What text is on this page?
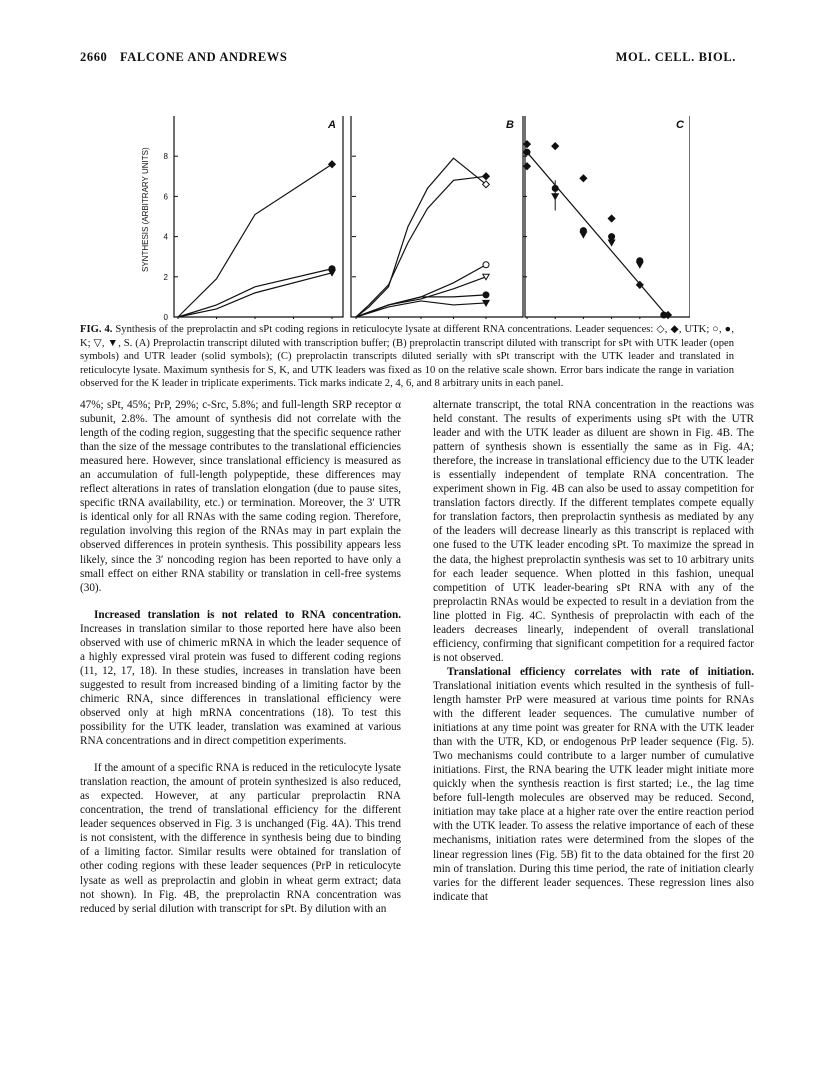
2660 FALCONE AND ANDREWS	MOL. CELL. BIOL.
SYNTHESIS (ARBITRARY UNITS)
A	B	C
0
2
4
6
8
FIG. 4. Synthesis of the preprolactin and sPt coding regions in reticulocyte lysate at different RNA concentrations. Leader sequences: ◇, ◆, UTK; ○, ●, K; ▽, ▼, S. (A) Preprolactin transcript diluted with transcription buffer; (B) preprolactin transcript diluted with transcript for sPt with UTK leader (open symbols) and UTR leader (solid symbols); (C) preprolactin transcripts diluted serially with sPt transcript with the UTK leader and translated in reticulocyte lysate. Maximum synthesis for S, K, and UTK leaders was fixed as 10 on the relative scale shown. Error bars indicate the range in variation observed for the K leader in triplicate experiments. Tick marks indicate 2, 4, 6, and 8 arbitrary units in each panel.

47%; sPt, 45%; PrP, 29%; c-Src, 5.8%; and full-length SRP receptor α subunit, 2.8%. The amount of synthesis did not correlate with the length of the coding region, suggesting that the specific sequence rather than the size of the message contributes to the translational efficiencies measured here. However, since translational efficiency is measured as an accumulation of full-length polypeptide, these differences may reflect alterations in rates of translation elongation (due to pause sites, specific tRNA availability, etc.) or termination. Moreover, the 3′ UTR is identical only for all RNAs with the same coding region. Therefore, regulation involving this region of the RNAs may in part explain the observed differences in protein synthesis. This possibility appears less likely, since the 3′ noncoding region has been reported to have only a small effect on either RNA stability or translation in cell-free systems (30).

Increased translation is not related to RNA concentration. Increases in translation similar to those reported here have also been observed with use of chimeric mRNA in which the leader sequence of a highly expressed viral protein was fused to different coding regions (11, 12, 17, 18). In these studies, increases in translation have been suggested to result from increased binding of a limiting factor by the chimeric RNA, since differences in translational efficiency were observed only at high mRNA concentrations (18). To test this possibility for the UTK leader, translation was examined at various RNA concentrations and in direct competition experiments.

If the amount of a specific RNA is reduced in the reticulocyte lysate translation reaction, the amount of protein synthesized is also reduced, as expected. However, at any particular preprolactin RNA concentration, the trend of translational efficiency for the different leader sequences observed in Fig. 3 is unchanged (Fig. 4A). This trend is not consistent, with the difference in synthesis being due to binding of a limiting factor. Similar results were obtained for translation of other coding regions with these leader sequences (PrP in reticulocyte lysate as well as preprolactin and globin in wheat germ extract; data not shown). In Fig. 4B, the preprolactin RNA concentration was reduced by serial dilution with transcript for sPt. By dilution with an

alternate transcript, the total RNA concentration in the reactions was held constant. The results of experiments using sPt with the UTR leader and with the UTK leader as diluent are shown in Fig. 4B. The pattern of synthesis shown is essentially the same as in Fig. 4A; therefore, the increase in translational efficiency due to the UTK leader is essentially independent of template RNA concentration. The experiment shown in Fig. 4B can also be used to assay competition for translation factors directly. If the different templates compete equally for translation factors, then preprolactin synthesis as mediated by any of the leaders will decrease linearly as this transcript is replaced with one fused to the UTK leader encoding sPt. To maximize the spread in the data, the highest preprolactin synthesis was set to 10 arbitrary units for each leader sequence. When plotted in this fashion, unequal competition of UTK leader-bearing sPt RNA with any of the preprolactin RNAs would be expected to result in a deviation from the line plotted in Fig. 4C. Synthesis of preprolactin with each of the leaders decreases linearly, independent of overall translational efficiency, confirming that significant competition for a required factor is not observed.

Translational efficiency correlates with rate of initiation. Translational initiation events which resulted in the synthesis of full-length hamster PrP were measured at various time points for RNAs with the different leader sequences. The cumulative number of initiations at any time point was greater for RNA with the UTK leader than with the UTR, KD, or endogenous PrP leader sequence (Fig. 5). Two mechanisms could contribute to a larger number of cumulative initiations. First, the RNA bearing the UTK leader might initiate more quickly when the synthesis reaction is first started; i.e., the lag time before full-length molecules are observed may be reduced. Second, initiation may take place at a higher rate over the entire reaction period with the UTK leader. To assess the relative importance of each of these mechanisms, initiation rates were determined from the slopes of the linear regression lines (Fig. 5B) fit to the data obtained for the first 20 min of translation. During this time period, the rate of initiation clearly varies for the different leader sequences. These regression lines also indicate that
